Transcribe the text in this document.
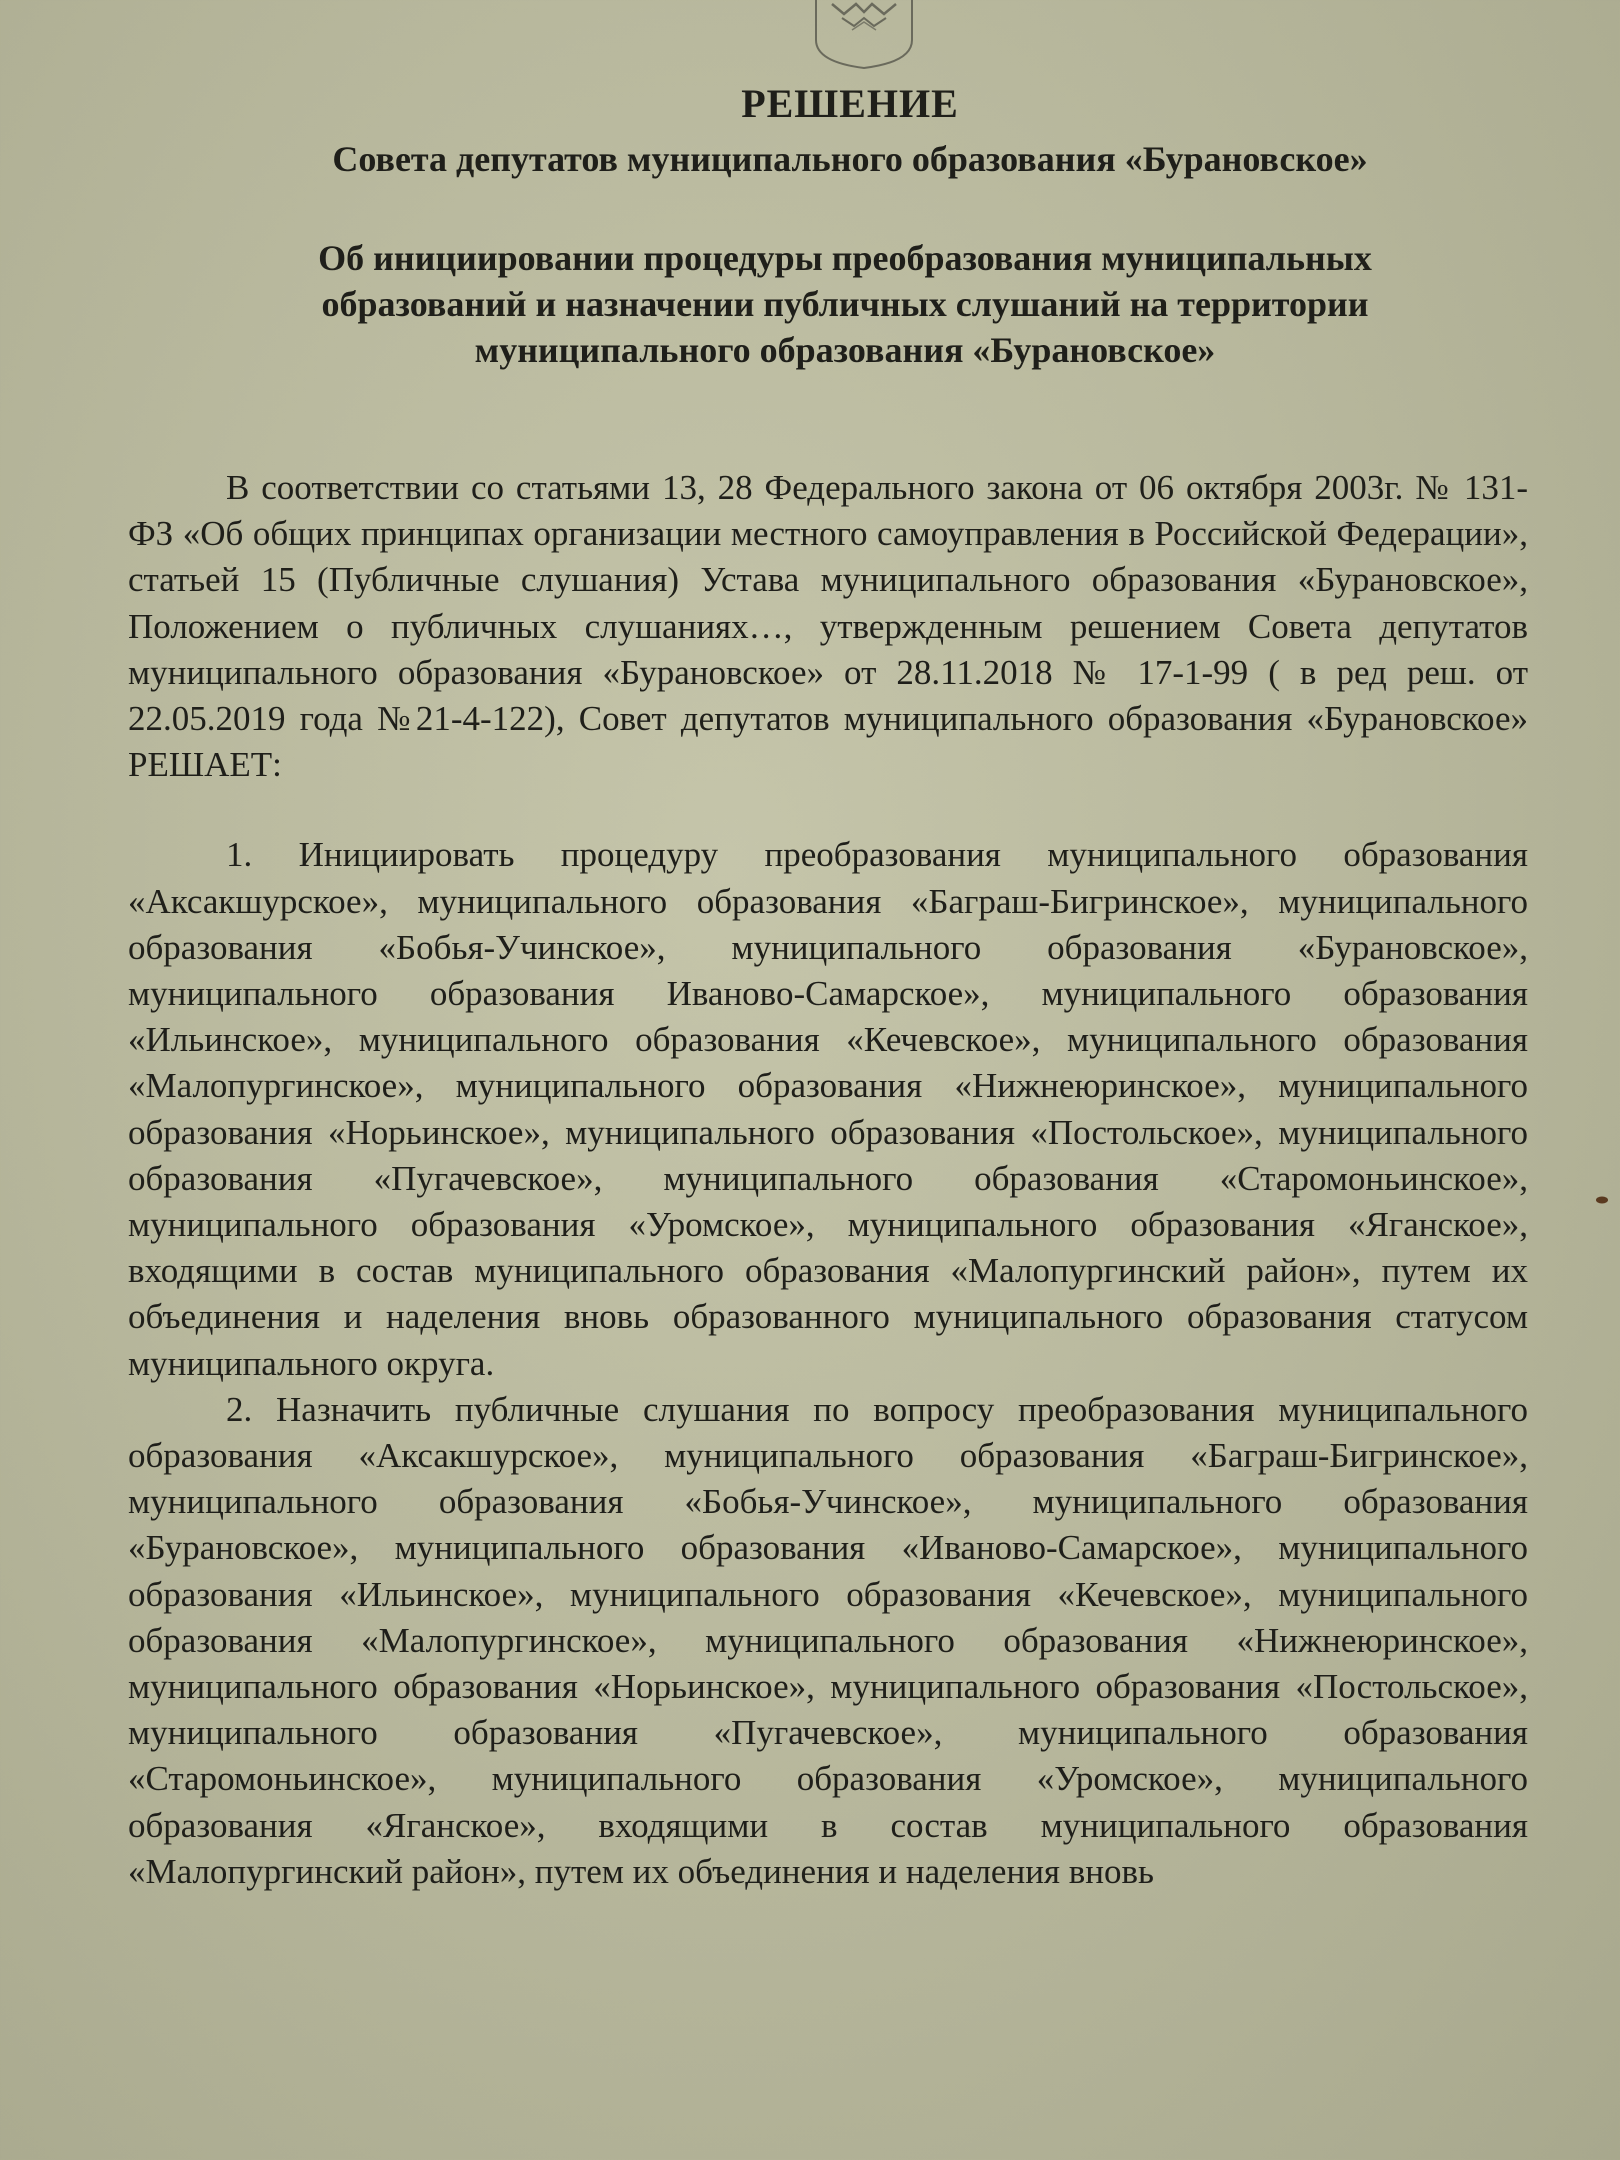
РЕШЕНИЕ
Совета депутатов муниципального образования «Бурановское»
Об инициировании процедуры преобразования муниципальных образований и назначении публичных слушаний на территории муниципального образования «Бурановское»

В соответствии со статьями 13, 28 Федерального закона от 06 октября 2003г. № 131-ФЗ «Об общих принципах организации местного самоуправления в Российской Федерации», статьей 15 (Публичные слушания) Устава муниципального образования «Бурановское», Положением о публичных слушаниях…, утвержденным решением Совета депутатов муниципального образования «Бурановское» от 28.11.2018 № 17-1-99 ( в ред реш. от 22.05.2019 года №21-4-122), Совет депутатов муниципального образования «Бурановское» РЕШАЕТ:

1. Инициировать процедуру преобразования муниципального образования «Аксакшурское», муниципального образования «Баграш-Бигринское», муниципального образования «Бобья-Учинское», муниципального образования «Бурановское», муниципального образования Иваново-Самарское», муниципального образования «Ильинское», муниципального образования «Кечевское», муниципального образования «Малопургинское», муниципального образования «Нижнеюринское», муниципального образования «Норьинское», муниципального образования «Постольское», муниципального образования «Пугачевское», муниципального образования «Старомоньинское», муниципального образования «Уромское», муниципального образования «Яганское», входящими в состав муниципального образования «Малопургинский район», путем их объединения и наделения вновь образованного муниципального образования статусом муниципального округа.

2. Назначить публичные слушания по вопросу преобразования муниципального образования «Аксакшурское», муниципального образования «Баграш-Бигринское», муниципального образования «Бобья-Учинское», муниципального образования «Бурановское», муниципального образования «Иваново-Самарское», муниципального образования «Ильинское», муниципального образования «Кечевское», муниципального образования «Малопургинское», муниципального образования «Нижнеюринское», муниципального образования «Норьинское», муниципального образования «Постольское», муниципального образования «Пугачевское», муниципального образования «Старомоньинское», муниципального образования «Уромское», муниципального образования «Яганское», входящими в состав муниципального образования «Малопургинский район», путем их объединения и наделения вновь
